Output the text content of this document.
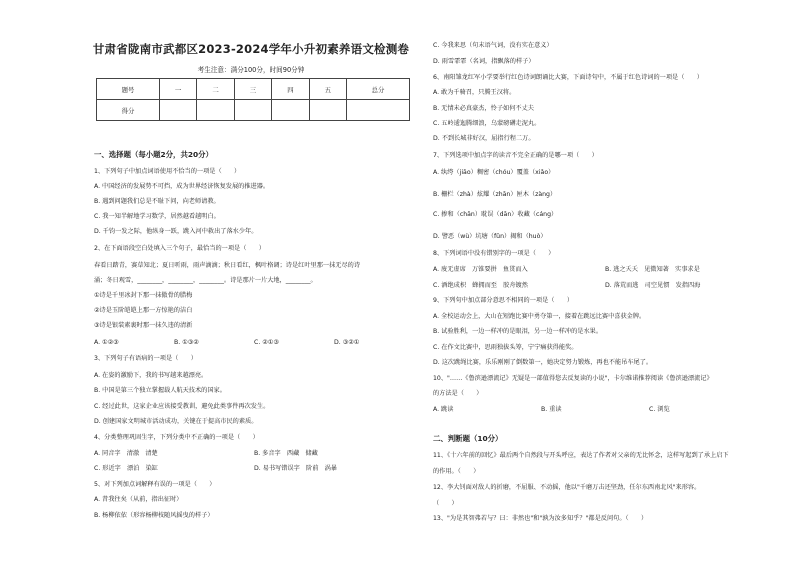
甘肃省陇南市武都区2023-2024学年小升初素养语文检测卷
考生注意：满分100分，时间90分钟
题号	一	二	三	四	五	总分
得分						
一、选择题（每小题2分，共20分）
1、下列句子中加点词语使用不恰当的一项是（　　）
A. 中国经济的发展势不可挡，成为世界经济恢复发展的推进器。
B. 遇到问题我们总是不耻下问，向老师请教。
C. 我一知半解地学习数学，居然越看越明白。
D. 千钧一发之际，他纵身一跃，跳入河中救出了落水少年。
2、在下面语段空白处填入三个句子，最恰当的一项是（　　）
春看日踏青，赛草知北；夏日听雨，雨声滴滴；秋日看红，枫叶格调；诗是红叶里那一抹无尽的诗
涌；冬日观雪，________，________，________。诗是那片一片大地，________。
①诗是千里冰封下那一抹傲骨的腊梅
②诗是玉阶皑皑上那一方惊艳的洁白
③诗是银装素裹时那一抹久违的清新
A. ①②③	B. ①③②	C. ②①③	D. ③②①
3、下列句子有语病的一项是（　　）
A. 在姿的激励下，我的书写越来越漂亮。
B. 中国是第三个独立掌握载人航天技术的国家。
C. 经过此世，这家企业应该接受教训，避免此类事件再次发生。
D. 创建国家文明城市活动成功，关键在于提高市民的素质。
4、分类整理巩固生字，下列分类中不正确的一项是（　　）
A. 同音字　清澈　清楚	B. 多音字　西藏　储藏
C. 形近字　漂泊　染缸	D. 易书写错误字　阶前　涡暴
5、对下列加点词解释有误的一项是（　　）
A. 昔我往矣（从前，指出征时）
B. 杨柳依依（形容杨柳枝随风摇曳的样子）
C. 今我来思（句末语气词，没有实在意义）
D. 雨雪霏霏（名词，指飘落的样子）
6、南阳雏龙红军小学要举行红色诗词朗诵比大赛，下面诗句中，不属于红色诗词的一项是（　　）
A. 敢为千骑召，只腾王汉将。
B. 无情未必真豪杰，怜子如何不丈夫
C. 五岭逶迤腾细浪，乌蒙磅礴走泥丸。
D. 不到长城非好汉，屈指行程二万。
7、下列选项中加点字的读音不完全正确的是哪一项（　　）
A. 纨绔（jiāo）稠密（chóu）覆盖（xiǎo）
B. 栅栏（zhà）炫耀（zhān）匣木（zàng）
C. 掺和（chān）耽误（dān）收藏（cáng）
D. 譬恶（wù）坑塘（fǔn）揭和（huò）
8、下列词语中没有错别字的一项是（　　）
A. 废无虚席　万锥要拼　鱼贯而入	B. 逃之夭夭　见微知著　实事求是
C. 酒绝成枳　蜂拥而至　胶舟镀然	D. 落荒而逃　司空见惯　发指四海
9、下列句中加点部分意思不相同的一项是（　　）
A. 全校运动会上，大山在短跑比赛中勇夺第一，接着在跳远比赛中喜获金牌。
B. 试验胜利，一边一样冲的是眼泪，另一边一样冲的是水果。
C. 在作文比赛中，思雨独拔头筹，宁宁痛获得能奖。
D. 这次跳绳比赛，乐乐刚刚了倒数第一，她决定努力锻炼，再也不能吊车尾了。
10、"……《鲁滨逊漂流记》无疑是一部值得您去反复读的小说"，卡尔维诺推荐阅读《鲁滨逊漂流记》
的方法是（　　）
A. 跳读	B. 重读	C. 浏览
二、判断题（10分）
11、《十六年前的回忆》最后两个自然段与开头呼应，表达了作者对父亲的无比怀念，这样写起到了承上启下
的作用。（　　）
12、李大钊面对敌人的折磨，不屈服、不动摇，他以"千磨万击还坚劲，任尔东西南北风"来形容。
（　　）
13、"为是其智弗若与？曰：非然也"和"孰为汝多知乎？"都是反问句。（　　）
